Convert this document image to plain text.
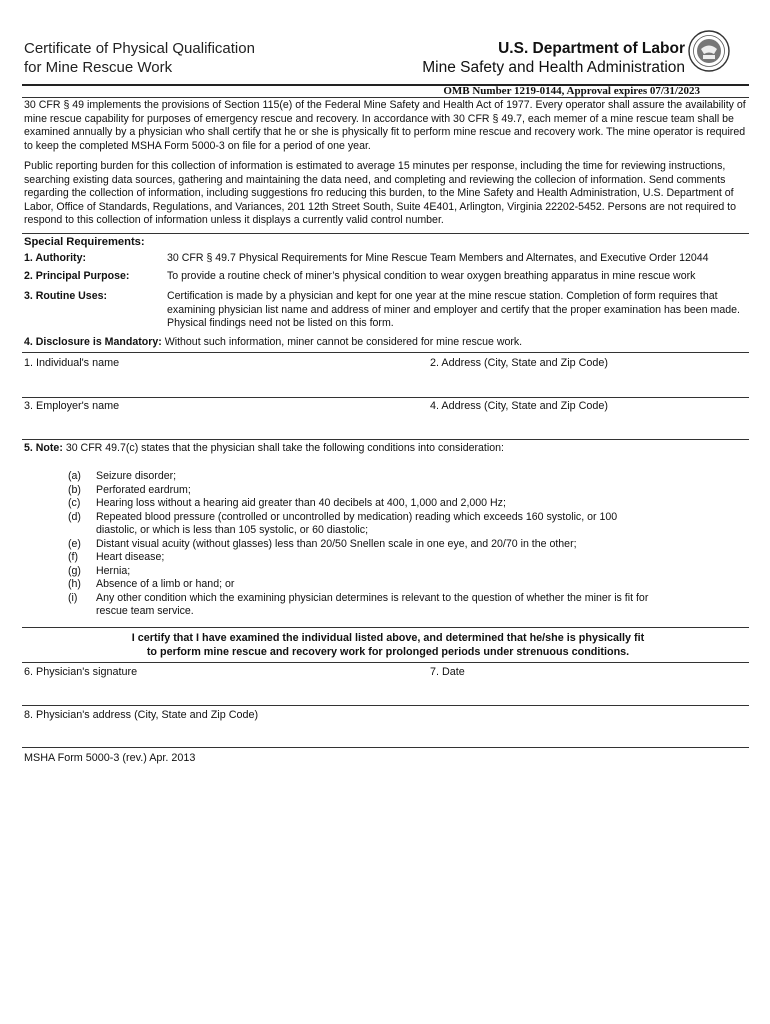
Certificate of Physical Qualification
for Mine Rescue Work
U.S. Department of Labor
Mine Safety and Health Administration
OMB Number 1219-0144, Approval expires 07/31/2023
30 CFR § 49 implements the provisions of Section 115(e) of the Federal Mine Safety and Health Act of 1977. Every operator shall assure the availability of mine rescue capability for purposes of emergency rescue and recovery. In accordance with 30 CFR § 49.7, each memer of a mine rescue team shall be examined annually by a physician who shall certify that he or she is physically fit to perform mine rescue and recovery work. The mine operator is required to keep the completed MSHA Form 5000-3 on file for a period of one year.
Public reporting burden for this collection of information is estimated to average 15 minutes per response, including the time for reviewing instructions, searching existing data sources, gathering and maintaining the data need, and completing and reviewing the collecion of information. Send comments regarding the collection of information, including suggestions fro reducing this burden, to the Mine Safety and Health Administration, U.S. Department of Labor, Office of Standards, Regulations, and Variances, 201 12th Street South, Suite 4E401, Arlington, Virginia 22202-5452. Persons are not required to respond to this collection of information unless it displays a currently valid control number.
Special Requirements:
1. Authority:	30 CFR § 49.7 Physical Requirements for Mine Rescue Team Members and Alternates, and Executive Order 12044
2. Principal Purpose:	To provide a routine check of miner’s physical condition to wear oxygen breathing apparatus in mine rescue work
3. Routine Uses:	Certification is made by a physician and kept for one year at the mine rescue station. Completion of form requires that examining physician list name and address of miner and employer and certify that the proper examination has been made. Physical findings need not be listed on this form.
4. Disclosure is Mandatory: Without such information, miner cannot be considered for mine rescue work.
1. Individual's name	2. Address (City, State and Zip Code)
3. Employer's name	4. Address (City, State and Zip Code)
5. Note: 30 CFR 49.7(c) states that the physician shall take the following conditions into consideration:
(a)	Seizure disorder;
(b)	Perforated eardrum;
(c)	Hearing loss without a hearing aid greater than 40 decibels at 400, 1,000 and 2,000 Hz;
(d)	Repeated blood pressure (controlled or uncontrolled by medication) reading which exceeds 160 systolic, or 100 diastolic, or which is less than 105 systolic, or 60 diastolic;
(e)	Distant visual acuity (without glasses) less than 20/50 Snellen scale in one eye, and 20/70 in the other;
(f)	Heart disease;
(g)	Hernia;
(h)	Absence of a limb or hand; or
(i)	Any other condition which the examining physician determines is relevant to the question of whether the miner is fit for rescue team service.
I certify that I have examined the individual listed above, and determined that he/she is physically fit
to perform mine rescue and recovery work for prolonged periods under strenuous conditions.
6. Physician's signature	7. Date
8. Physician's address (City, State and Zip Code)
MSHA Form 5000-3 (rev.) Apr. 2013
